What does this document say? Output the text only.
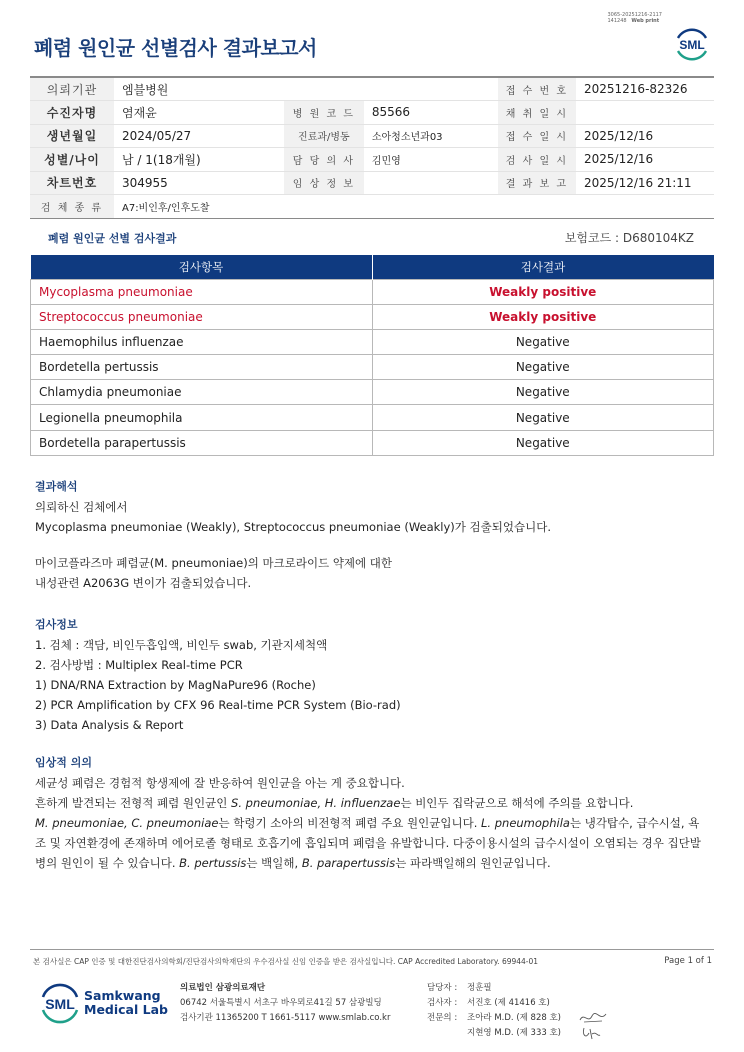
3065-20251216-2117
141248 Web print
폐렴 원인균 선별검사 결과보고서	SML
의뢰기관	엠블병원			접 수 번 호	20251216-82326
수진자명	염재윤	병 원 코 드	85566	채 취 일 시	
생년월일	2024/05/27	진료과/병동	소아청소년과03	접 수 일 시	2025/12/16
성별/나이	남 / 1(18개월)	담 당 의 사	김민영	검 사 일 시	2025/12/16
차트번호	304955	임 상 정 보		결 과 보 고	2025/12/16 21:11
검 체 종 류	A7:비인후/인후도찰				
폐렴 원인균 선별 검사결과	보험코드 : D680104KZ
검사항목	검사결과
Mycoplasma pneumoniae	Weakly positive
Streptococcus pneumoniae	Weakly positive
Haemophilus influenzae	Negative
Bordetella pertussis	Negative
Chlamydia pneumoniae	Negative
Legionella pneumophila	Negative
Bordetella parapertussis	Negative
결과해석

의뢰하신 검체에서

Mycoplasma pneumoniae (Weakly), Streptococcus pneumoniae (Weakly)가 검출되었습니다.

마이코플라즈마 폐렴균(M. pneumoniae)의 마크로라이드 약제에 대한

내성관련 A2063G 변이가 검출되었습니다.

검사정보

1. 검체 : 객담, 비인두흡입액, 비인두 swab, 기관지세척액

2. 검사방법 : Multiplex Real-time PCR

1) DNA/RNA Extraction by MagNaPure96 (Roche)

2) PCR Amplification by CFX 96 Real-time PCR System (Bio-rad)

3) Data Analysis & Report

임상적 의의

세균성 폐렴은 경험적 항생제에 잘 반응하여 원인균을 아는 게 중요합니다.

흔하게 발견되는 전형적 폐렴 원인균인 S. pneumoniae, H. influenzae는 비인두 집락균으로 해석에 주의를 요합니다.

M. pneumoniae, C. pneumoniae는 학령기 소아의 비전형적 폐렴 주요 원인균입니다. L. pneumophila는 냉각탑수, 급수시설, 욕조 및 자연환경에 존재하며 에어로졸 형태로 호흡기에 흡입되며 폐렴을 유발합니다. 다중이용시설의 급수시설이 오염되는 경우 집단발병의 원인이 될 수 있습니다. B. pertussis는 백일해, B. parapertussis는 파라백일해의 원인균입니다.

본 검사실은 CAP 인증 및 대한진단검사의학회/진단검사의학재단의 우수검사실 신임 인증을 받은 검사실입니다. CAP Accredited Laboratory. 69944-01	Page 1 of 1
SML
Samkwang
Medical Lab
의료법인 삼광의료재단
06742 서울특별시 서초구 바우뫼로41길 57 삼광빌딩
검사기관 11365200 T 1661-5117 www.smlab.co.kr
담당자 :	정훈필
검사자 :	서진호 (제 41416 호)
전문의 :	조아라 M.D. (제 828 호)
지현영 M.D. (제 333 호)
